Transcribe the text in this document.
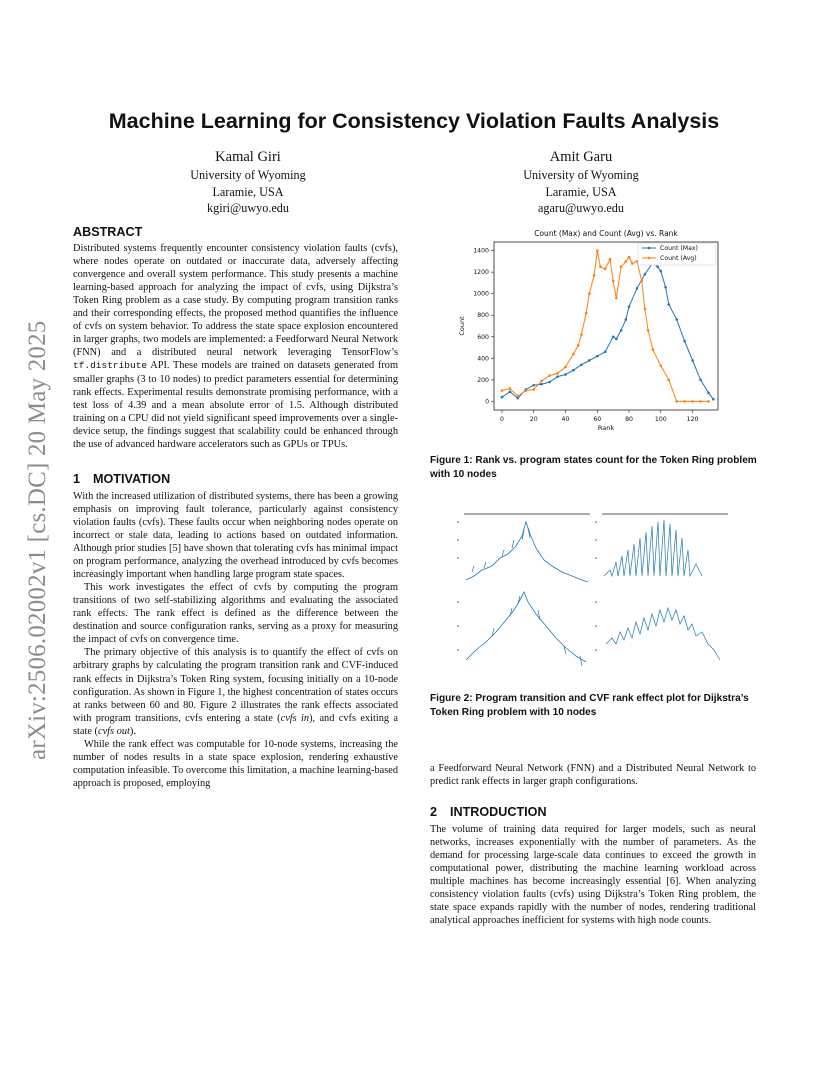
arXiv:2506.02002v1 [cs.DC] 20 May 2025
Machine Learning for Consistency Violation Faults Analysis
Kamal Giri
University of Wyoming
Laramie, USA
kgiri@uwyo.edu
Amit Garu
University of Wyoming
Laramie, USA
agaru@uwyo.edu
ABSTRACT

Distributed systems frequently encounter consistency violation faults (cvfs), where nodes operate on outdated or inaccurate data, adversely affecting convergence and overall system performance. This study presents a machine learning-based approach for analyzing the impact of cvfs, using Dijkstra’s Token Ring problem as a case study. By computing program transition ranks and their corresponding effects, the proposed method quantifies the influence of cvfs on system behavior. To address the state space explosion encountered in larger graphs, two models are implemented: a Feedforward Neural Network (FNN) and a distributed neural network leveraging TensorFlow’s tf.distribute API. These models are trained on datasets generated from smaller graphs (3 to 10 nodes) to predict parameters essential for determining rank effects. Experimental results demonstrate promising performance, with a test loss of 4.39 and a mean absolute error of 1.5. Although distributed training on a CPU did not yield significant speed improvements over a single-device setup, the findings suggest that scalability could be enhanced through the use of advanced hardware accelerators such as GPUs or TPUs.

1 MOTIVATION

With the increased utilization of distributed systems, there has been a growing emphasis on improving fault tolerance, particularly against consistency violation faults (cvfs). These faults occur when neighboring nodes operate on incorrect or stale data, leading to actions based on outdated information. Although prior studies [5] have shown that tolerating cvfs has minimal impact on program performance, analyzing the overhead introduced by cvfs becomes increasingly important when handling large program state spaces.

This work investigates the effect of cvfs by computing the program transitions of two self-stabilizing algorithms and evaluating the associated rank effects. The rank effect is defined as the difference between the destination and source configuration ranks, serving as a proxy for measuring the impact of cvfs on convergence time.

The primary objective of this analysis is to quantify the effect of cvfs on arbitrary graphs by calculating the program transition rank and CVF-induced rank effects in Dijkstra’s Token Ring system, focusing initially on a 10-node configuration. As shown in Figure 1, the highest concentration of states occurs at ranks between 60 and 80. Figure 2 illustrates the rank effects associated with program transitions, cvfs entering a state (cvfs in), and cvfs exiting a state (cvfs out).

While the rank effect was computable for 10-node systems, increasing the number of nodes results in a state space explosion, rendering exhaustive computation infeasible. To overcome this limitation, a machine learning-based approach is proposed, employing

Count (Max) and Count (Avg) vs. Rank
0	20	40	60	80	100	120
0
200
400
600
800
1000
1200
1400
Rank
Count
Count (Max)
Count (Avg)
Figure 1: Rank vs. program states count for the Token Ring problem with 10 nodes
Figure 2: Program transition and CVF rank effect plot for Dijkstra’s Token Ring problem with 10 nodes

a Feedforward Neural Network (FNN) and a Distributed Neural Network to predict rank effects in larger graph configurations.

2 INTRODUCTION

The volume of training data required for larger models, such as neural networks, increases exponentially with the number of parameters. As the demand for processing large-scale data continues to exceed the growth in computational power, distributing the machine learning workload across multiple machines has become increasingly essential [6]. When analyzing consistency violation faults (cvfs) using Dijkstra’s Token Ring problem, the state space expands rapidly with the number of nodes, rendering traditional analytical approaches inefficient for systems with high node counts.
